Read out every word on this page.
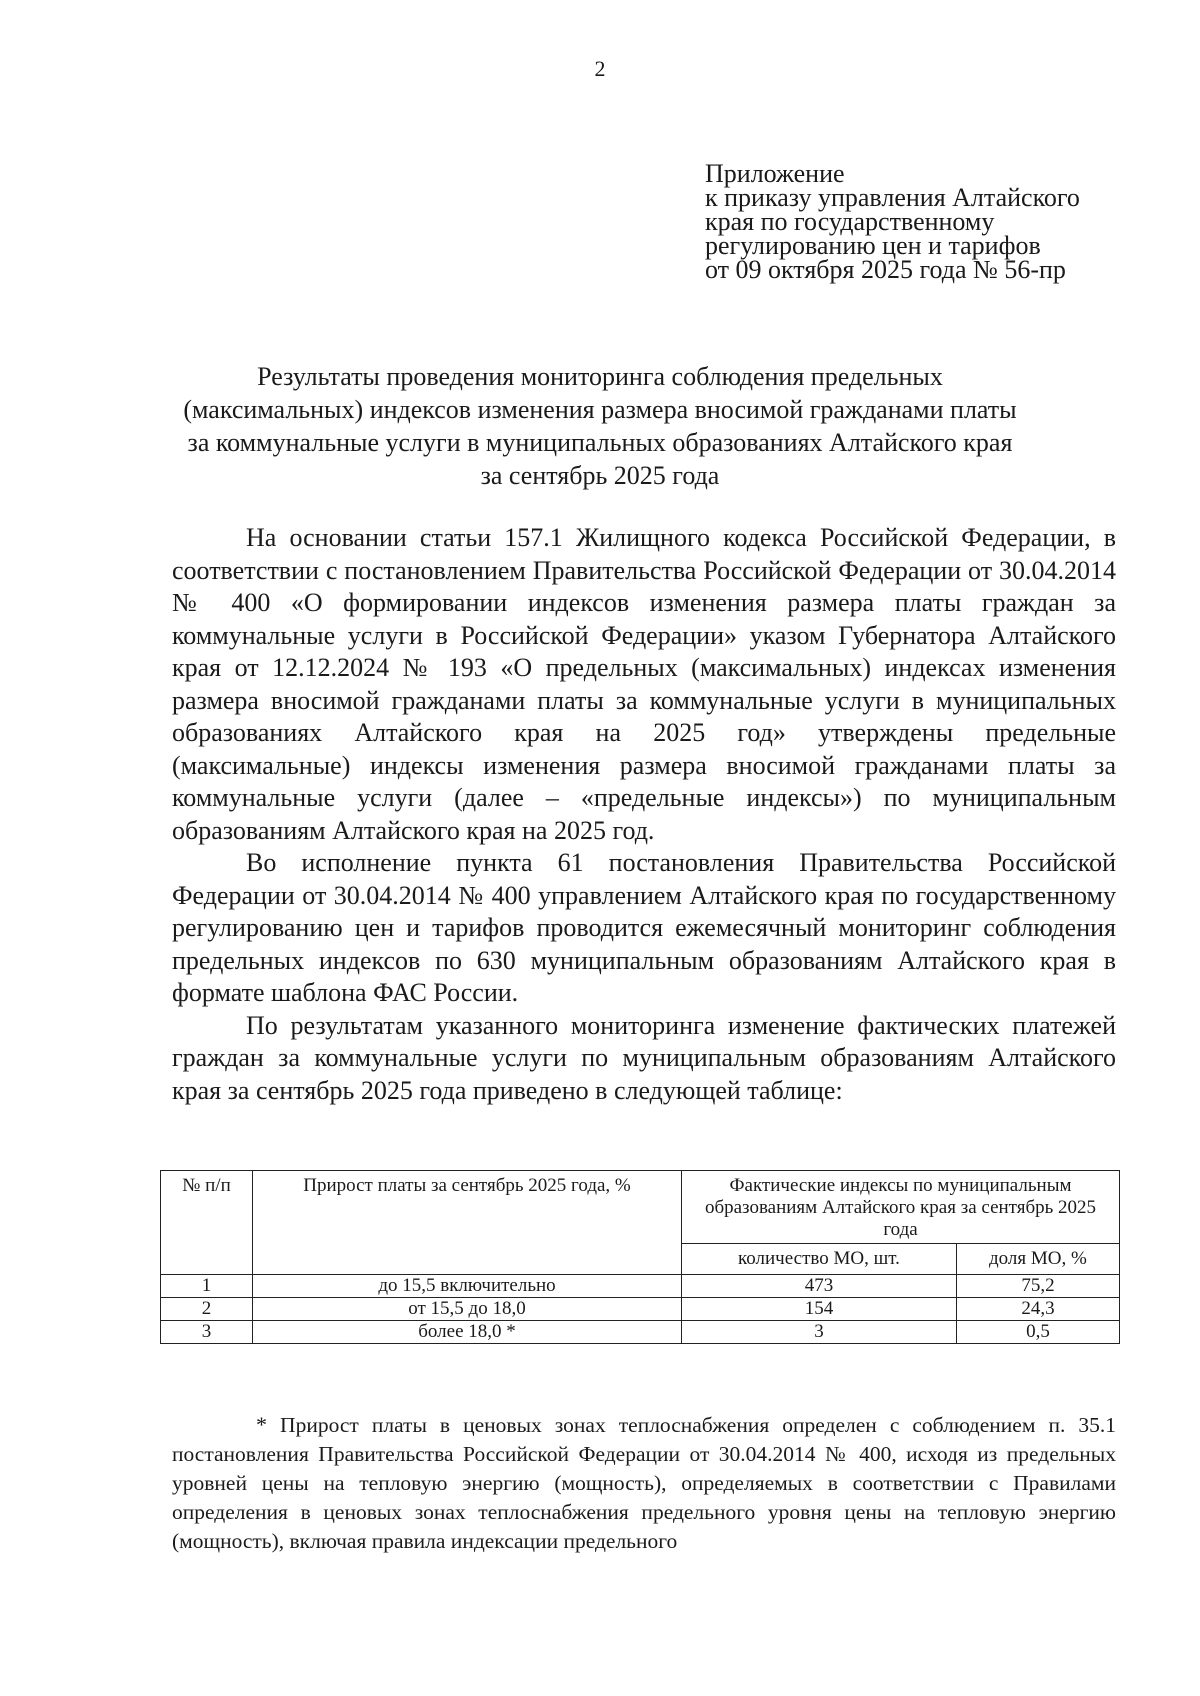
2
Приложение
к приказу управления Алтайского
края по государственному
регулированию цен и тарифов
от 09 октября 2025 года № 56-пр
Результаты проведения мониторинга соблюдения предельных
(максимальных) индексов изменения размера вносимой гражданами платы
за коммунальные услуги в муниципальных образованиях Алтайского края
за сентябрь 2025 года

На основании статьи 157.1 Жилищного кодекса Российской Федерации, в соответствии с постановлением Правительства Российской Федерации от 30.04.2014 № 400 «О формировании индексов изменения размера платы граждан за коммунальные услуги в Российской Федерации» указом Губернатора Алтайского края от 12.12.2024 № 193 «О предельных (максимальных) индексах изменения размера вносимой гражданами платы за коммунальные услуги в муниципальных образованиях Алтайского края на 2025 год» утверждены предельные (максимальные) индексы изменения размера вносимой гражданами платы за коммунальные услуги (далее – «предельные индексы») по муниципальным образованиям Алтайского края на 2025 год.

Во исполнение пункта 61 постановления Правительства Российской Федерации от 30.04.2014 № 400 управлением Алтайского края по государственному регулированию цен и тарифов проводится ежемесячный мониторинг соблюдения предельных индексов по 630 муниципальным образованиям Алтайского края в формате шаблона ФАС России.

По результатам указанного мониторинга изменение фактических платежей граждан за коммунальные услуги по муниципальным образованиям Алтайского края за сентябрь 2025 года приведено в следующей таблице:

№ п/п	Прирост платы за сентябрь 2025 года, %	Фактические индексы по муниципальным образованиям Алтайского края за сентябрь 2025 года	
		количество МО, шт.	доля МО, %
1	до 15,5 включительно	473	75,2
2	от 15,5 до 18,0	154	24,3
3	более 18,0 *	3	0,5
* Прирост платы в ценовых зонах теплоснабжения определен с соблюдением п. 35.1 постановления Правительства Российской Федерации от 30.04.2014 № 400, исходя из предельных уровней цены на тепловую энергию (мощность), определяемых в соответствии с Правилами определения в ценовых зонах теплоснабжения предельного уровня цены на тепловую энергию (мощность), включая правила индексации предельного
